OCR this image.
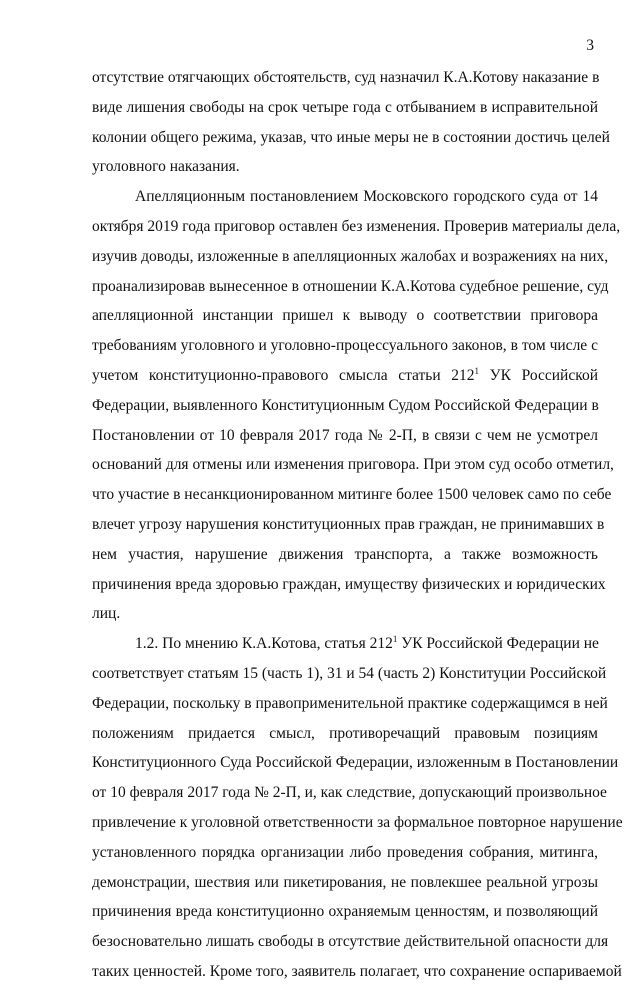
3
отсутствие отягчающих обстоятельств, суд назначил К.А.Котову наказание в
виде лишения свободы на срок четыре года с отбыванием в исправительной
колонии общего режима, указав, что иные меры не в состоянии достичь целей
уголовного наказания.
Апелляционным постановлением Московского городского суда от 14
октября 2019 года приговор оставлен без изменения. Проверив материалы дела,
изучив доводы, изложенные в апелляционных жалобах и возражениях на них,
проанализировав вынесенное в отношении К.А.Котова судебное решение, суд
апелляционной инстанции пришел к выводу о соответствии приговора
требованиям уголовного и уголовно-процессуального законов, в том числе с
учетом конституционно-правового смысла статьи $212^1$ УК Российской
Федерации, выявленного Конституционным Судом Российской Федерации в
Постановлении от 10 февраля 2017 года № 2-П, в связи с чем не усмотрел
оснований для отмены или изменения приговора. При этом суд особо отметил,
что участие в несанкционированном митинге более 1500 человек само по себе
влечет угрозу нарушения конституционных прав граждан, не принимавших в
нем участия, нарушение движения транспорта, а также возможность
причинения вреда здоровью граждан, имуществу физических и юридических
лиц.
1.2. По мнению К.А.Котова, статья $212^1$ УК Российской Федерации не
соответствует статьям 15 (часть 1), 31 и 54 (часть 2) Конституции Российской
Федерации, поскольку в правоприменительной практике содержащимся в ней
положениям придается смысл, противоречащий правовым позициям
Конституционного Суда Российской Федерации, изложенным в Постановлении
от 10 февраля 2017 года № 2-П, и, как следствие, допускающий произвольное
привлечение к уголовной ответственности за формальное повторное нарушение
установленного порядка организации либо проведения собрания, митинга,
демонстрации, шествия или пикетирования, не повлекшее реальной угрозы
причинения вреда конституционно охраняемым ценностям, и позволяющий
безосновательно лишать свободы в отсутствие действительной опасности для
таких ценностей. Кроме того, заявитель полагает, что сохранение оспариваемой
